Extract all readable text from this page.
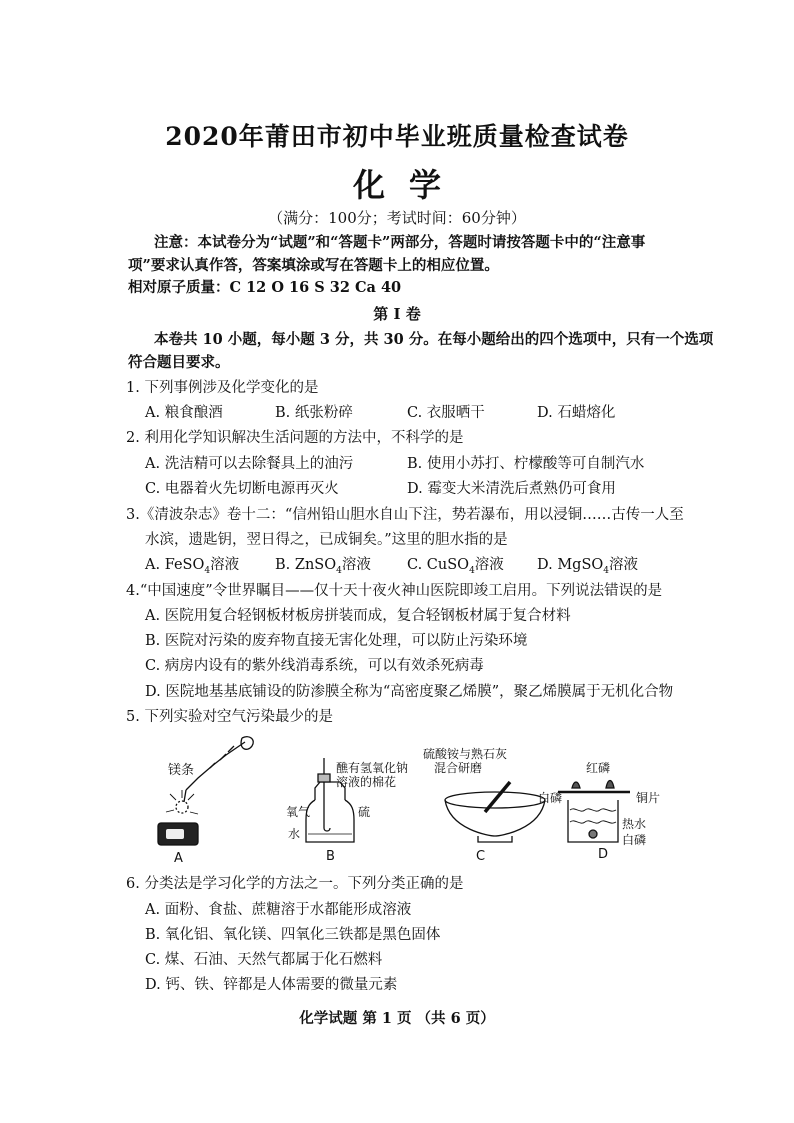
2020年莆田市初中毕业班质量检查试卷
化学
（满分：100分；考试时间：60分钟）
注意：本试卷分为“试题”和“答题卡”两部分，答题时请按答题卡中的“注意事
项”要求认真作答，答案填涂或写在答题卡上的相应位置。
相对原子质量：C 12 O 16 S 32 Ca 40
第 I 卷
本卷共 10 小题，每小题 3 分，共 30 分。在每小题给出的四个选项中，只有一个选项
符合题目要求。
1. 下列事例涉及化学变化的是
A. 粮食酿酒	B. 纸张粉碎	C. 衣服晒干	D. 石蜡熔化
2. 利用化学知识解决生活问题的方法中，不科学的是
A. 洗洁精可以去除餐具上的油污	B. 使用小苏打、柠檬酸等可自制汽水
C. 电器着火先切断电源再灭火	D. 霉变大米清洗后煮熟仍可食用
3.《清波杂志》卷十二：“信州铅山胆水自山下注，势若瀑布，用以浸铜……古传一人至
水滨，遗匙钥，翌日得之，已成铜矣。”这里的胆水指的是
A. FeSO$_4$溶液 B. ZnSO$_4$溶液 C. CuSO$_4$溶液 D. MgSO$_4$溶液
4.“中国速度”令世界瞩目——仅十天十夜火神山医院即竣工启用。下列说法错误的是
A. 医院用复合轻钢板材板房拼装而成，复合轻钢板材属于复合材料
B. 医院对污染的废弃物直接无害化处理，可以防止污染环境
C. 病房内设有的紫外线消毒系统，可以有效杀死病毒
D. 医院地基基底铺设的防渗膜全称为“高密度聚乙烯膜”，聚乙烯膜属于无机化合物
5. 下列实验对空气污染最少的是
镁条
A
醮有氢氧化钠
溶液的棉花
氧气	硫
水
B
硫酸铵与熟石灰
混合研磨
C
红磷
白磷	铜片
热水
白磷
D
6. 分类法是学习化学的方法之一。下列分类正确的是
A. 面粉、食盐、蔗糖溶于水都能形成溶液
B. 氧化铝、氧化镁、四氧化三铁都是黑色固体
C. 煤、石油、天然气都属于化石燃料
D. 钙、铁、锌都是人体需要的微量元素
化学试题 第 1 页 （共 6 页）
